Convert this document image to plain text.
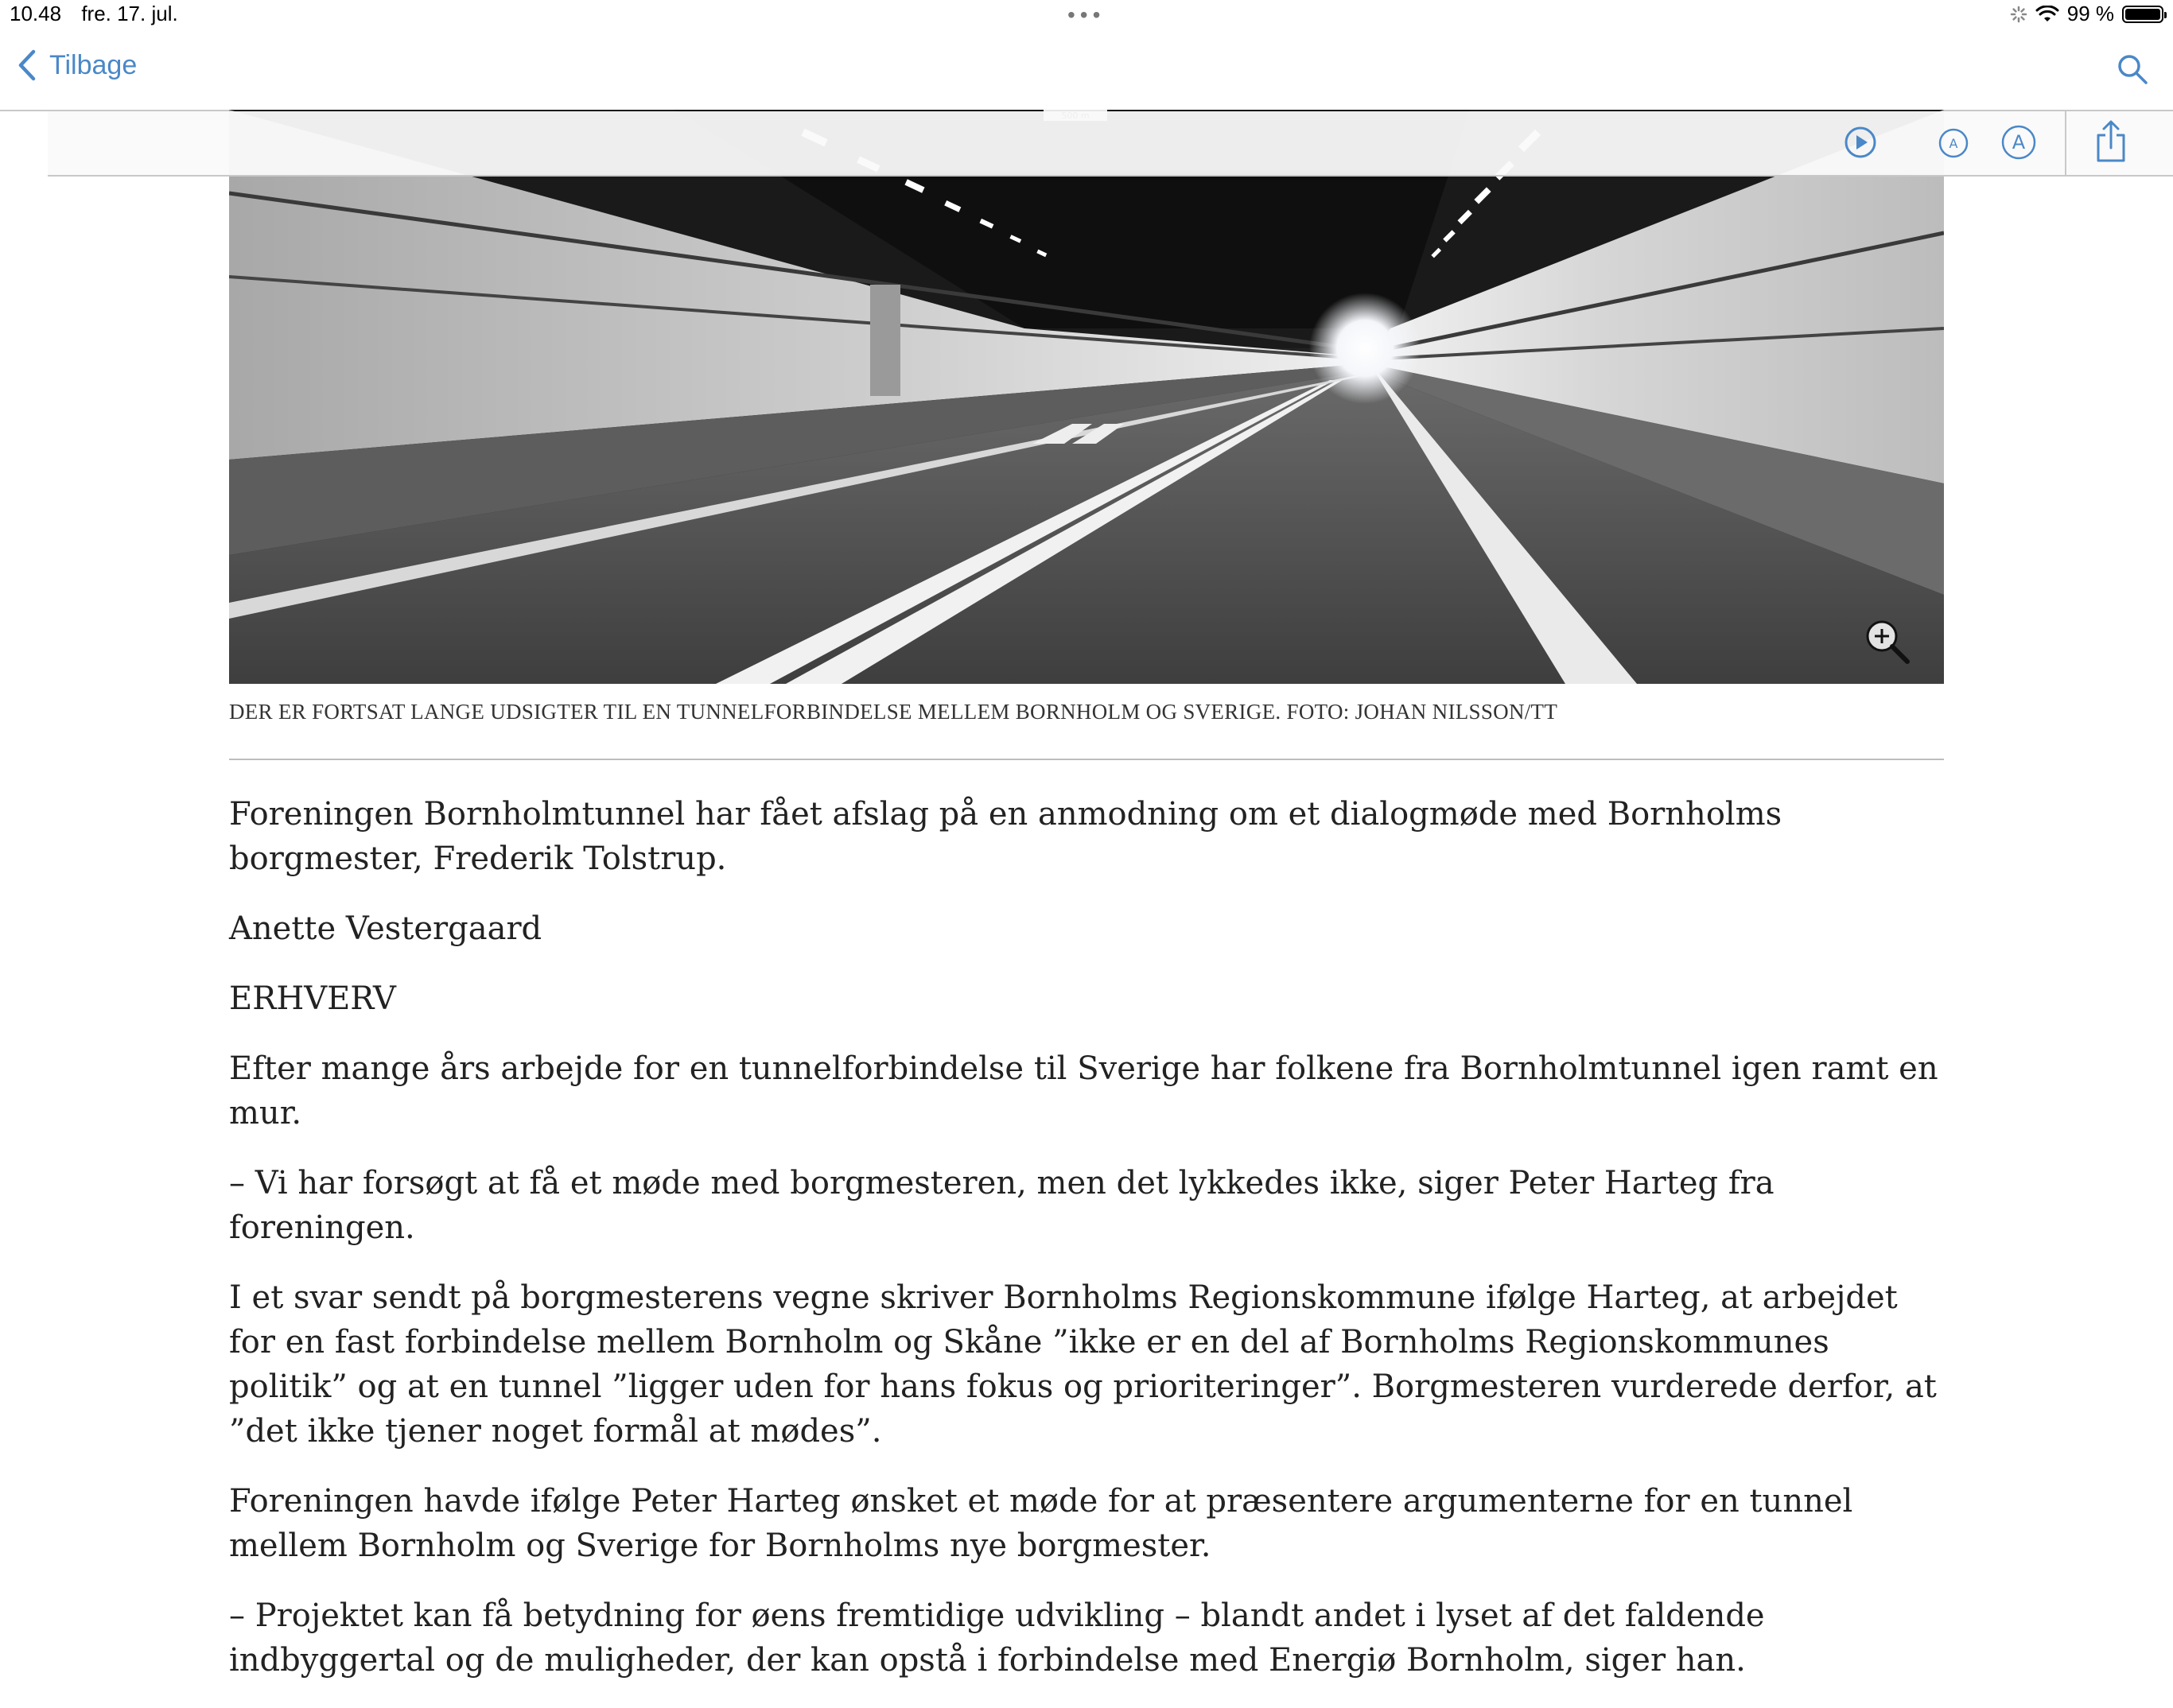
10.48 fre. 17. jul.	•••	99 %
Tilbage
A	A
DER ER FORTSAT LANGE UDSIGTER TIL EN TUNNELFORBINDELSE MELLEM BORNHOLM OG SVERIGE. FOTO: JOHAN NILSSON/TT

Foreningen Bornholmtunnel har fået afslag på en anmodning om et dialogmøde med Bornholms borgmester, Frederik Tolstrup.

Anette Vestergaard

ERHVERV

Efter mange års arbejde for en tunnelforbindelse til Sverige har folkene fra Bornholmtunnel igen ramt en mur.

– Vi har forsøgt at få et møde med borgmesteren, men det lykkedes ikke, siger Peter Harteg fra foreningen.

I et svar sendt på borgmesterens vegne skriver Bornholms Regionskommune ifølge Harteg, at arbejdet for en fast forbindelse mellem Bornholm og Skåne ”ikke er en del af Bornholms Regionskommunes politik” og at en tunnel ”ligger uden for hans fokus og prioriteringer”. Borgmesteren vurderede derfor, at ”det ikke tjener noget formål at mødes”.

Foreningen havde ifølge Peter Harteg ønsket et møde for at præsentere argumenterne for en tunnel mellem Bornholm og Sverige for Bornholms nye borgmester.

– Projektet kan få betydning for øens fremtidige udvikling – blandt andet i lyset af det faldende indbyggertal og de muligheder, der kan opstå i forbindelse med Energiø Bornholm, siger han.
